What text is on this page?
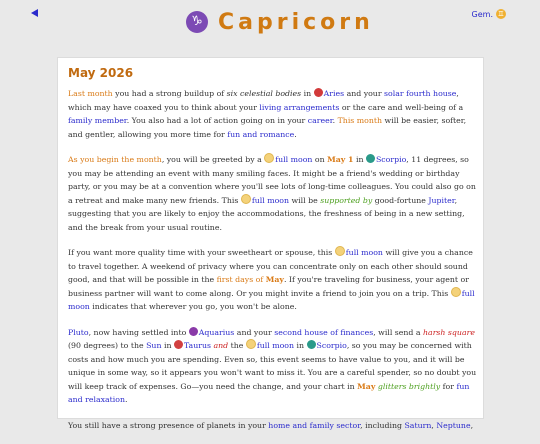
♑ Capricorn	Gem. ♊
May 2026

Last month you had a strong buildup of six celestial bodies in Aries and your solar fourth house, which may have coaxed you to think about your living arrangements or the care and well-being of a family member. You also had a lot of action going on in your career. This month will be easier, softer, and gentler, allowing you more time for fun and romance.

As you begin the month, you will be greeted by a full moon on May 1 in Scorpio, 11 degrees, so you may be attending an event with many smiling faces. It might be a friend's wedding or birthday party, or you may be at a convention where you'll see lots of long-time colleagues. You could also go on a retreat and make many new friends. This full moon will be supported by good-fortune Jupiter, suggesting that you are likely to enjoy the accommodations, the freshness of being in a new setting, and the break from your usual routine.

If you want more quality time with your sweetheart or spouse, this full moon will give you a chance to travel together. A weekend of privacy where you can concentrate only on each other should sound good, and that will be possible in the first days of May. If you're traveling for business, your agent or business partner will want to come along. Or you might invite a friend to join you on a trip. This full moon indicates that wherever you go, you won't be alone.

Pluto, now having settled into Aquarius and your second house of finances, will send a harsh square (90 degrees) to the Sun in Taurus and the full moon in Scorpio, so you may be concerned with costs and how much you are spending. Even so, this event seems to have value to you, and it will be unique in some way, so it appears you won't want to miss it. You are a careful spender, so no doubt you will keep track of expenses. Go—you need the change, and your chart in May glitters brightly for fun and relaxation.

You still have a strong presence of planets in your home and family sector, including Saturn, Neptune,
